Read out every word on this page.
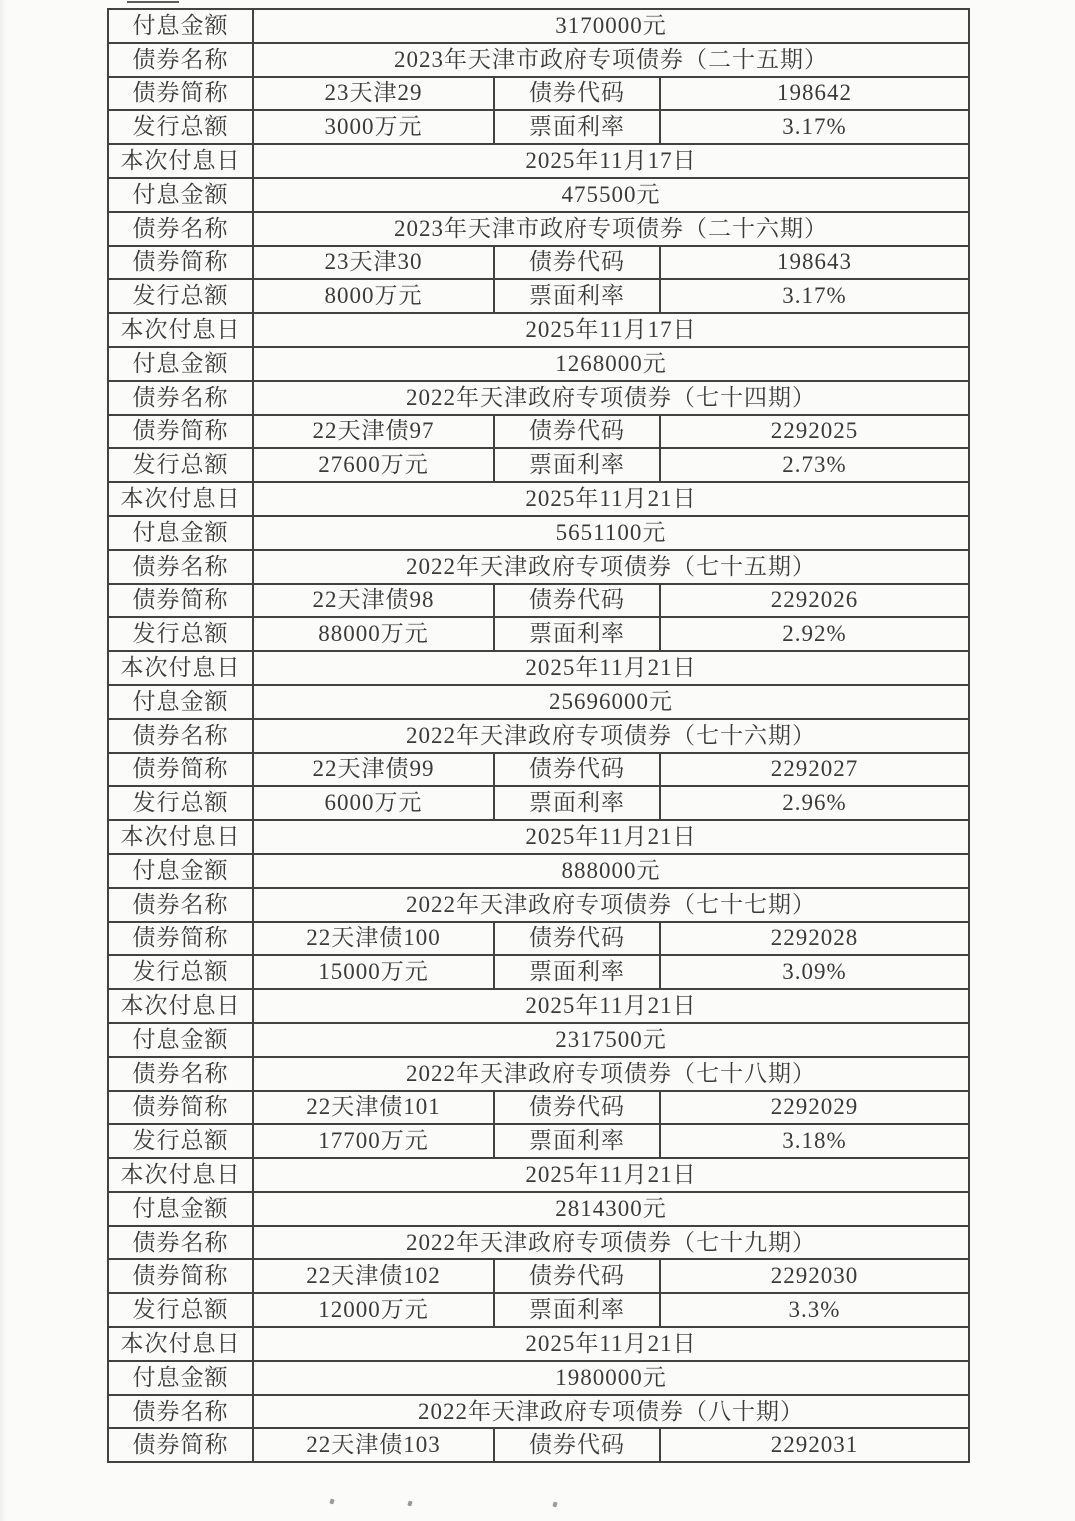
付息金额	3170000元		
债券名称	2023年天津市政府专项债券（二十五期）		
债券简称	23天津29	债券代码	198642
发行总额	3000万元	票面利率	3.17%
本次付息日	2025年11月17日		
付息金额	475500元		
债券名称	2023年天津市政府专项债券（二十六期）		
债券简称	23天津30	债券代码	198643
发行总额	8000万元	票面利率	3.17%
本次付息日	2025年11月17日		
付息金额	1268000元		
债券名称	2022年天津政府专项债券（七十四期）		
债券简称	22天津债97	债券代码	2292025
发行总额	27600万元	票面利率	2.73%
本次付息日	2025年11月21日		
付息金额	5651100元		
债券名称	2022年天津政府专项债券（七十五期）		
债券简称	22天津债98	债券代码	2292026
发行总额	88000万元	票面利率	2.92%
本次付息日	2025年11月21日		
付息金额	25696000元		
债券名称	2022年天津政府专项债券（七十六期）		
债券简称	22天津债99	债券代码	2292027
发行总额	6000万元	票面利率	2.96%
本次付息日	2025年11月21日		
付息金额	888000元		
债券名称	2022年天津政府专项债券（七十七期）		
债券简称	22天津债100	债券代码	2292028
发行总额	15000万元	票面利率	3.09%
本次付息日	2025年11月21日		
付息金额	2317500元		
债券名称	2022年天津政府专项债券（七十八期）		
债券简称	22天津债101	债券代码	2292029
发行总额	17700万元	票面利率	3.18%
本次付息日	2025年11月21日		
付息金额	2814300元		
债券名称	2022年天津政府专项债券（七十九期）		
债券简称	22天津债102	债券代码	2292030
发行总额	12000万元	票面利率	3.3%
本次付息日	2025年11月21日		
付息金额	1980000元		
债券名称	2022年天津政府专项债券（八十期）		
债券简称	22天津债103	债券代码	2292031
